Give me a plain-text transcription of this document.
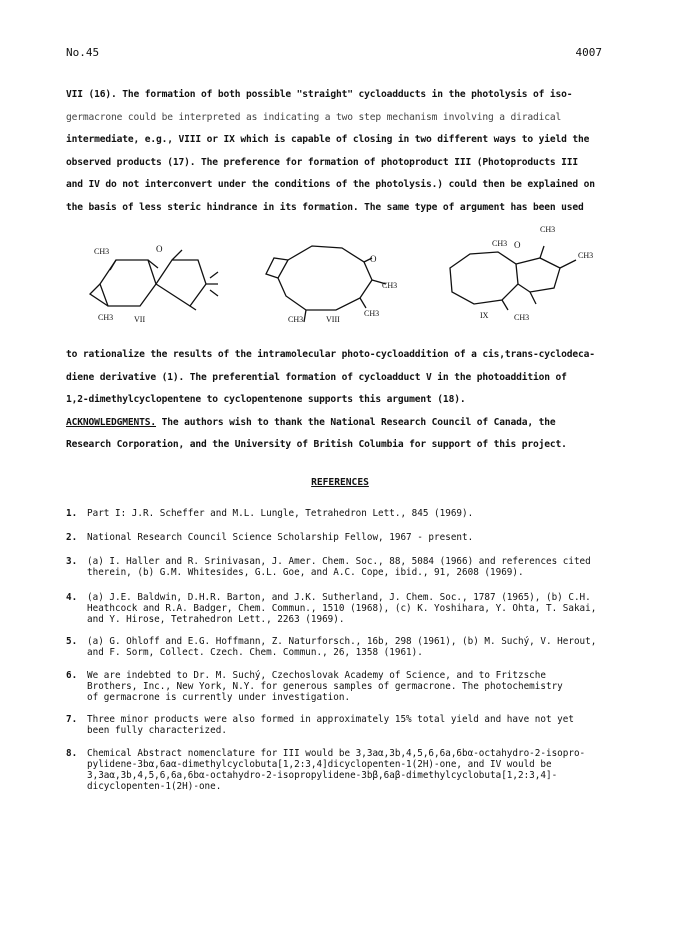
No.45	4007
VII (16). The formation of both possible "straight" cycloadducts in the photolysis of iso-
germacrone could be interpreted as indicating a two step mechanism involving a diradical
intermediate, e.g., VIII or IX which is capable of closing in two different ways to yield the
observed products (17). The preference for formation of photoproduct III (Photoproducts III
and IV do not interconvert under the conditions of the photolysis.) could then be explained on
the basis of less steric hindrance in its formation. The same type of argument has been used
O
CH3
CH3	VII
O
CH3
CH3
CH3	VIII
O
CH3
CH3
CH3
CH3
IX
to rationalize the results of the intramolecular photo-cycloaddition of a cis,trans-cyclodeca-
diene derivative (1). The preferential formation of cycloadduct V in the photoaddition of
1,2-dimethylcyclopentene to cyclopentenone supports this argument (18).
ACKNOWLEDGMENTS. The authors wish to thank the National Research Council of Canada, the
Research Corporation, and the University of British Columbia for support of this project.
REFERENCES
1. Part I: J.R. Scheffer and M.L. Lungle, Tetrahedron Lett., 845 (1969).
2. National Research Council Science Scholarship Fellow, 1967 - present.
3. (a) I. Haller and R. Srinivasan, J. Amer. Chem. Soc., 88, 5084 (1966) and references cited
therein, (b) G.M. Whitesides, G.L. Goe, and A.C. Cope, ibid., 91, 2608 (1969).
4. (a) J.E. Baldwin, D.H.R. Barton, and J.K. Sutherland, J. Chem. Soc., 1787 (1965), (b) C.H.
Heathcock and R.A. Badger, Chem. Commun., 1510 (1968), (c) K. Yoshihara, Y. Ohta, T. Sakai,
and Y. Hirose, Tetrahedron Lett., 2263 (1969).
5. (a) G. Ohloff and E.G. Hoffmann, Z. Naturforsch., 16b, 298 (1961), (b) M. Suchý, V. Herout,
and F. Sorm, Collect. Czech. Chem. Commun., 26, 1358 (1961).
6. We are indebted to Dr. M. Suchý, Czechoslovak Academy of Science, and to Fritzsche
Brothers, Inc., New York, N.Y. for generous samples of germacrone. The photochemistry
of germacrone is currently under investigation.
7. Three minor products were also formed in approximately 15% total yield and have not yet
been fully characterized.
8. Chemical Abstract nomenclature for III would be 3,3aα,3b,4,5,6,6a,6bα-octahydro-2-isopro-
pylidene-3bα,6aα-dimethylcyclobuta[1,2:3,4]dicyclopenten-1(2H)-one, and IV would be
3,3aα,3b,4,5,6,6a,6bα-octahydro-2-isopropylidene-3bβ,6aβ-dimethylcyclobuta[1,2:3,4]-
dicyclopenten-1(2H)-one.
